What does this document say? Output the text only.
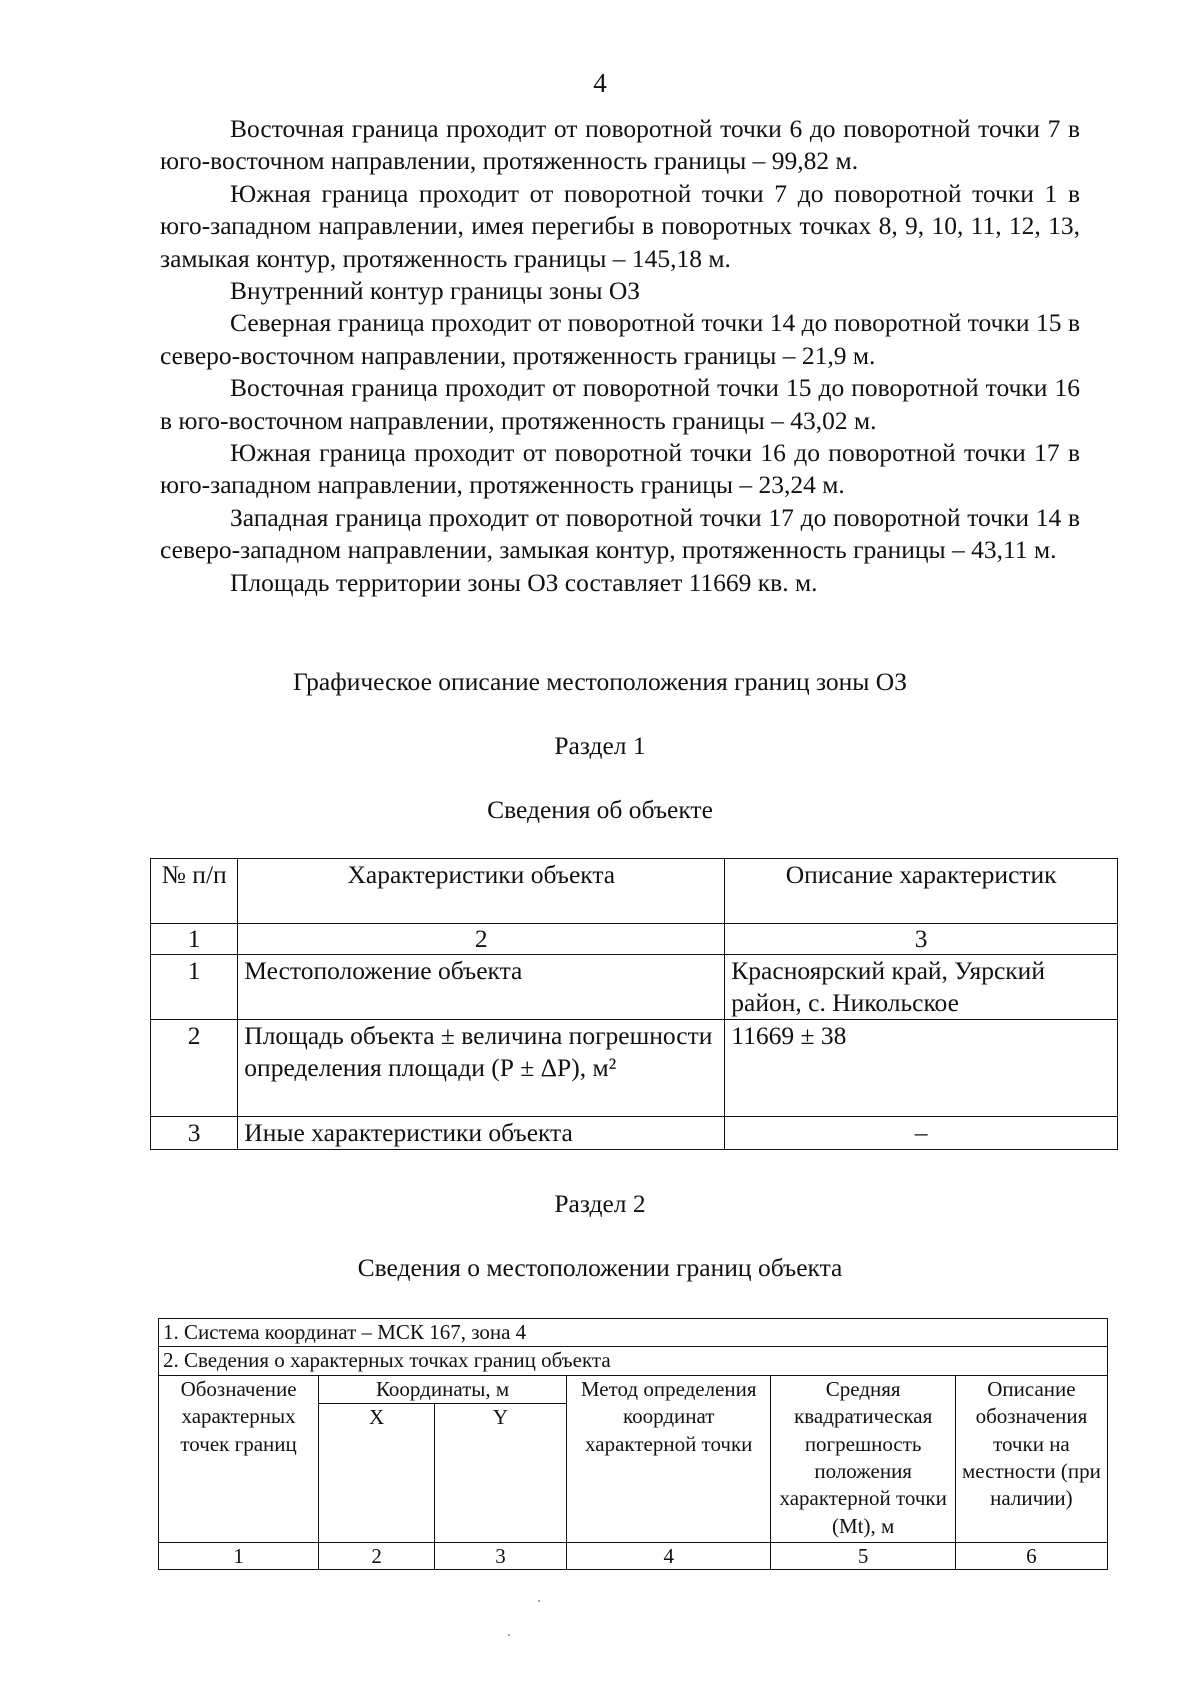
4

Восточная граница проходит от поворотной точки 6 до поворотной точки 7 в юго-восточном направлении, протяженность границы – 99,82 м.

Южная граница проходит от поворотной точки 7 до поворотной точки 1 в юго-западном направлении, имея перегибы в поворотных точках 8, 9, 10, 11, 12, 13, замыкая контур, протяженность границы – 145,18 м.

Внутренний контур границы зоны ОЗ

Северная граница проходит от поворотной точки 14 до поворотной точки 15 в северо-восточном направлении, протяженность границы – 21,9 м.

Восточная граница проходит от поворотной точки 15 до поворотной точки 16 в юго-восточном направлении, протяженность границы – 43,02 м.

Южная граница проходит от поворотной точки 16 до поворотной точки 17 в юго-западном направлении, протяженность границы – 23,24 м.

Западная граница проходит от поворотной точки 17 до поворотной точки 14 в северо-западном направлении, замыкая контур, протяженность границы – 43,11 м.

Площадь территории зоны ОЗ составляет 11669 кв. м.

Графическое описание местоположения границ зоны ОЗ
Раздел 1
Сведения об объекте
№ п/п	Характеристики объекта	Описание характеристик
1	2	3
1	Местоположение объекта	Красноярский край, Уярский район, с. Никольское
2	Площадь объекта ± величина погрешности определения площади (Р ± ΔР), м²	11669 ± 38
3	Иные характеристики объекта	–
Раздел 2
Сведения о местоположении границ объекта
1. Система координат – МСК 167, зона 4					
2. Сведения о характерных точках границ объекта					
Обозначение характерных точек границ	Координаты, м		Метод определения координат характерной точки	Средняя квадратическая погрешность положения характерной точки (Mt), м	Описание обозначения точки на местности (при наличии)
	X	Y			
1	2	3	4	5	6
